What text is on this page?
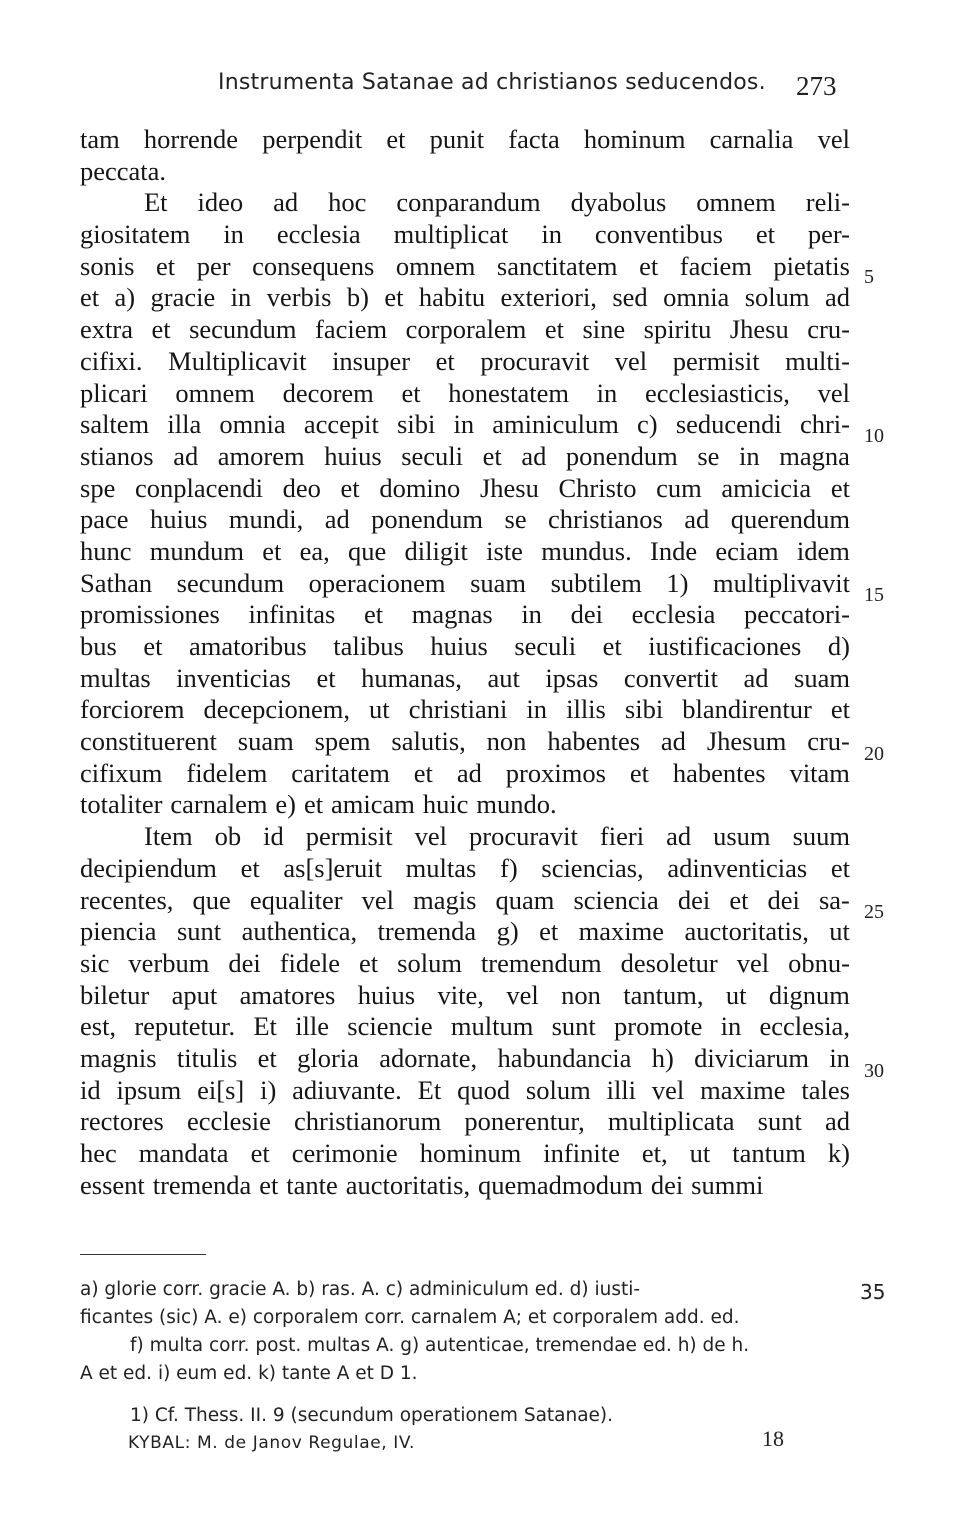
Instrumenta Satanae ad christianos seducendos. 273
tam horrende perpendit et punit facta hominum carnalia vel
peccata.
Et ideo ad hoc conparandum dyabolus omnem reli-
giositatem in ecclesia multiplicat in conventibus et per-
sonis et per consequens omnem sanctitatem et faciem pietatis
et a) gracie in verbis b) et habitu exteriori, sed omnia solum ad
extra et secundum faciem corporalem et sine spiritu Jhesu cru-
cifixi. Multiplicavit insuper et procuravit vel permisit multi-
plicari omnem decorem et honestatem in ecclesiasticis, vel
saltem illa omnia accepit sibi in aminiculum c) seducendi chri-
stianos ad amorem huius seculi et ad ponendum se in magna
spe conplacendi deo et domino Jhesu Christo cum amicicia et
pace huius mundi, ad ponendum se christianos ad querendum
hunc mundum et ea, que diligit iste mundus. Inde eciam idem
Sathan secundum operacionem suam subtilem 1) multiplivavit
promissiones infinitas et magnas in dei ecclesia peccatori-
bus et amatoribus talibus huius seculi et iustificaciones d)
multas inventicias et humanas, aut ipsas convertit ad suam
forciorem decepcionem, ut christiani in illis sibi blandirentur et
constituerent suam spem salutis, non habentes ad Jhesum cru-
cifixum fidelem caritatem et ad proximos et habentes vitam
totaliter carnalem e) et amicam huic mundo.
Item ob id permisit vel procuravit fieri ad usum suum
decipiendum et as[s]eruit multas f) sciencias, adinventicias et
recentes, que equaliter vel magis quam sciencia dei et dei sa-
piencia sunt authentica, tremenda g) et maxime auctoritatis, ut
sic verbum dei fidele et solum tremendum desoletur vel obnu-
biletur aput amatores huius vite, vel non tantum, ut dignum
est, reputetur. Et ille sciencie multum sunt promote in ecclesia,
magnis titulis et gloria adornate, habundancia h) diviciarum in
id ipsum ei[s] i) adiuvante. Et quod solum illi vel maxime tales
rectores ecclesie christianorum ponerentur, multiplicata sunt ad
hec mandata et cerimonie hominum infinite et, ut tantum k)
essent tremenda et tante auctoritatis, quemadmodum dei summi
5
10
15
20
25
30
a) glorie corr. gracie A. b) ras. A. c) adminiculum ed. d) iusti-
ficantes (sic) A. e) corporalem corr. carnalem A; et corporalem add. ed.
f) multa corr. post. multas A. g) autenticae, tremendae ed. h) de h.
A et ed. i) eum ed. k) tante A et D 1.
1) Cf. Thess. II. 9 (secundum operationem Satanae).
35
KYBAL: M. de Janov Regulae, IV.	18
